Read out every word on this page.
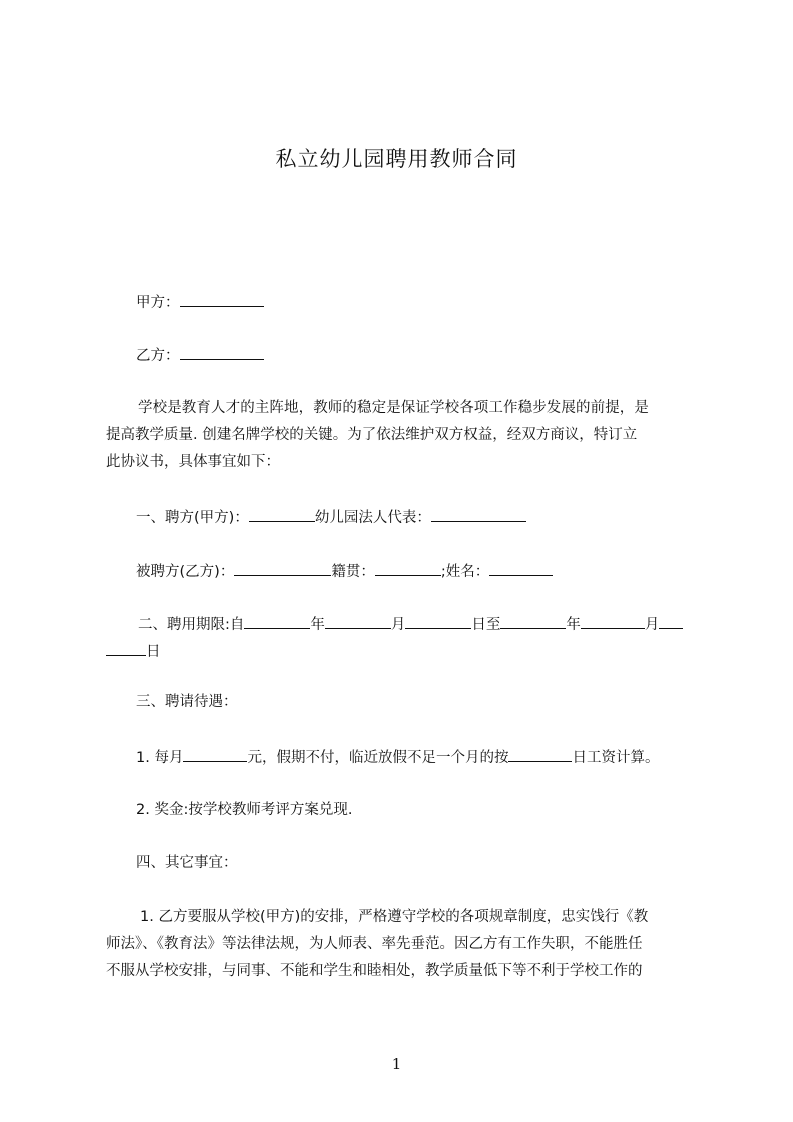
私立幼儿园聘用教师合同
甲方：
乙方：
学校是教育人才的主阵地，教师的稳定是保证学校各项工作稳步发展的前提，是
提高教学质量. 创建名牌学校的关键。为了依法维护双方权益，经双方商议，特订立
此协议书，具体事宜如下：
一、聘方(甲方)：	幼儿园法人代表：
被聘方(乙方)：	籍贯：	;姓名：
二、聘用期限:自	年	月	日至	年	月
日
三、聘请待遇：
1. 每月	元，假期不付，临近放假不足一个月的按	日工资计算。
2. 奖金:按学校教师考评方案兑现.
四、其它事宜：
1. 乙方要服从学校(甲方)的安排，严格遵守学校的各项规章制度，忠实饯行《教
师法》、《教育法》等法律法规，为人师表、率先垂范。因乙方有工作失职，不能胜任
不服从学校安排，与同事、不能和学生和睦相处，教学质量低下等不利于学校工作的
1
